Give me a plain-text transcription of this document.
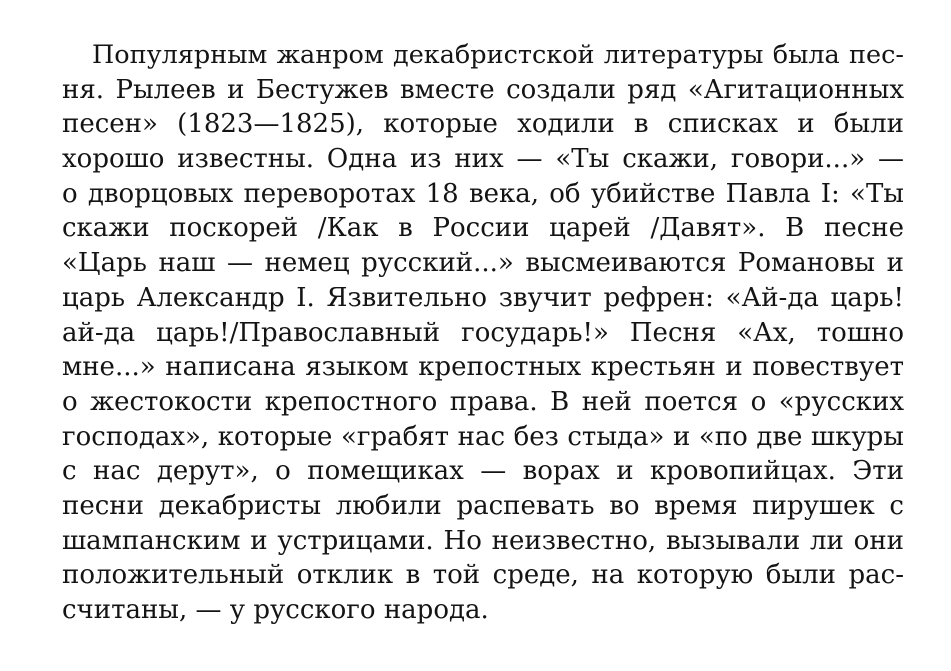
Популярным жанром декабристской литературы была пес-
ня. Рылеев и Бестужев вместе создали ряд «Агитационных
песен» (1823—1825), которые ходили в списках и были
хорошо известны. Одна из них — «Ты скажи, говори...» —
о дворцовых переворотах 18 века, об убийстве Павла I: «Ты
скажи поскорей /Как в России царей /Давят». В песне
«Царь наш — немец русский...» высмеиваются Романовы и
царь Александр I. Язвительно звучит рефрен: «Ай-да царь!
ай-да царь!/Православный государь!» Песня «Ах, тошно
мне...» написана языком крепостных крестьян и повествует
о жестокости крепостного права. В ней поется о «русских
господах», которые «грабят нас без стыда» и «по две шкуры
с нас дерут», о помещиках — ворах и кровопийцах. Эти
песни декабристы любили распевать во время пирушек с
шампанским и устрицами. Но неизвестно, вызывали ли они
положительный отклик в той среде, на которую были рас-
считаны, — у русского народа.
